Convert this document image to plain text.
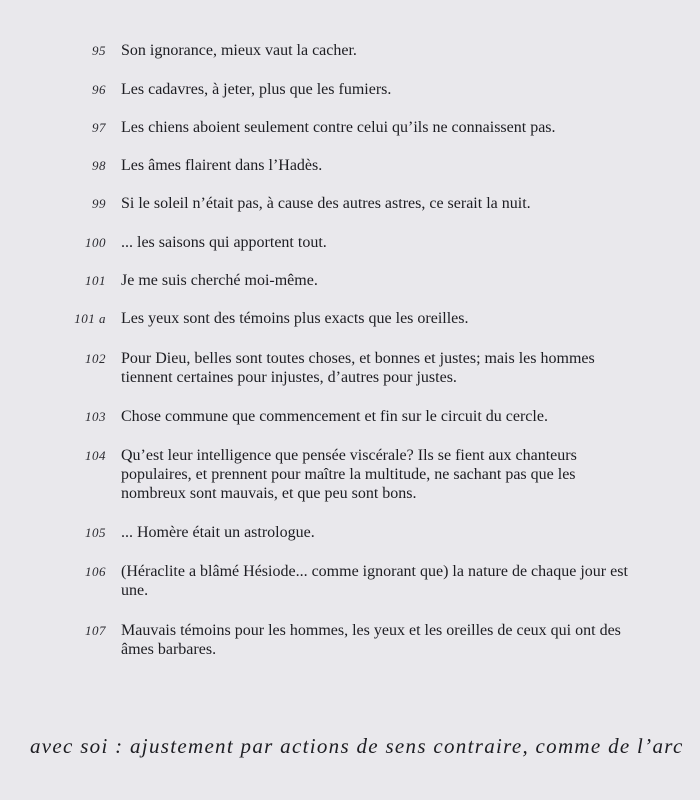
95 Son ignorance, mieux vaut la cacher.
96 Les cadavres, à jeter, plus que les fumiers.
97 Les chiens aboient seulement contre celui qu’ils ne connaissent pas.
98 Les âmes flairent dans l’Hadès.
99 Si le soleil n’était pas, à cause des autres astres, ce serait la nuit.
100 ... les saisons qui apportent tout.
101 Je me suis cherché moi-même.
101 a Les yeux sont des témoins plus exacts que les oreilles.
102 Pour Dieu, belles sont toutes choses, et bonnes et justes; mais les hommes tiennent certaines pour injustes, d’autres pour justes.
103 Chose commune que commencement et fin sur le circuit du cercle.
104 Qu’est leur intelligence que pensée viscérale? Ils se fient aux chanteurs populaires, et prennent pour maître la multitude, ne sachant pas que les nombreux sont mauvais, et que peu sont bons.
105 ... Homère était un astrologue.
106 (Héraclite a blâmé Hésiode... comme ignorant que) la nature de chaque jour est une.
107 Mauvais témoins pour les hommes, les yeux et les oreilles de ceux qui ont des âmes barbares.
avec soi : ajustement par actions de sens contraire, comme de l’arc
